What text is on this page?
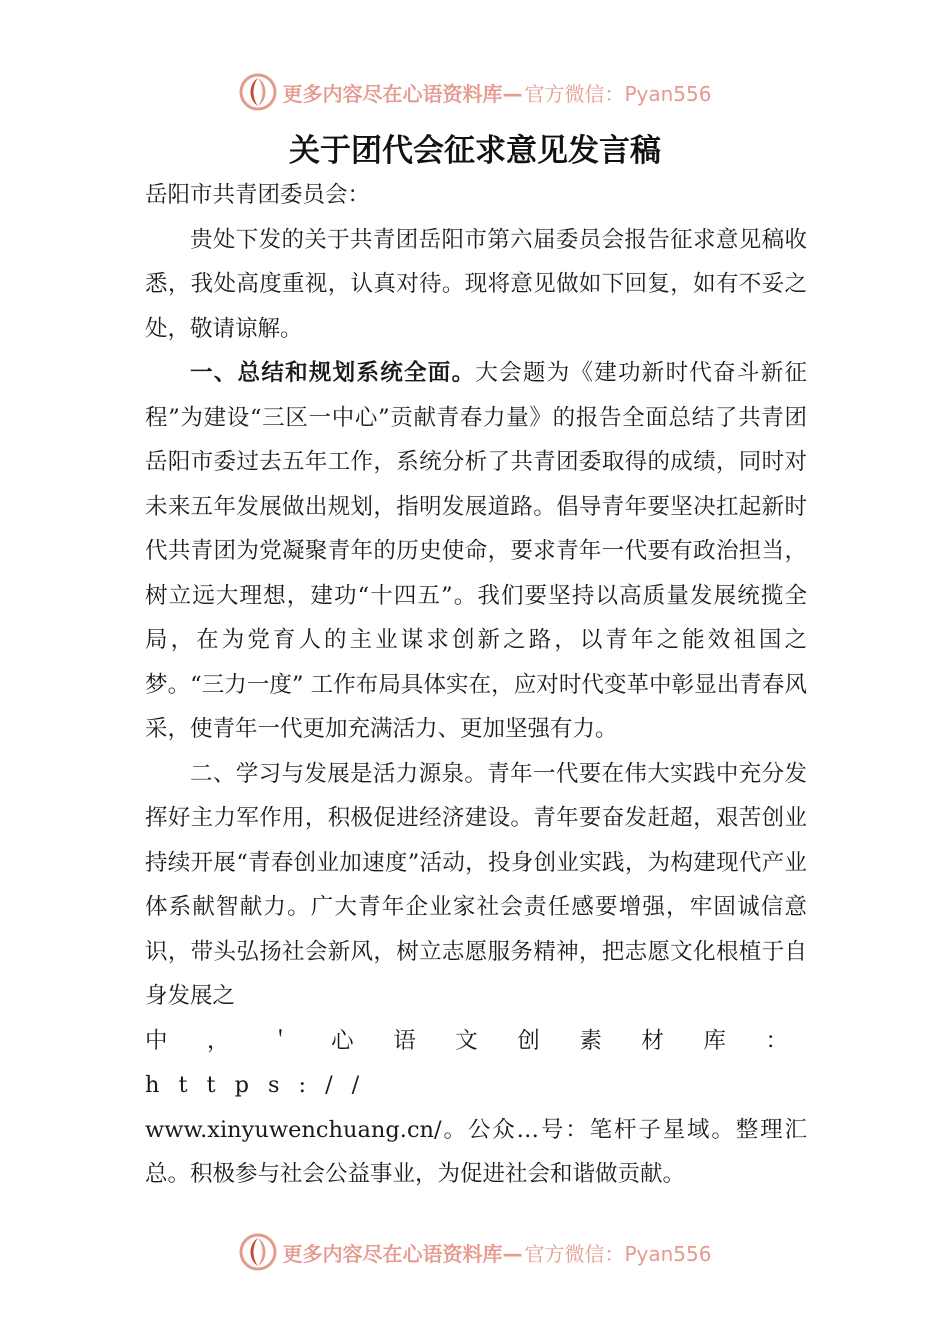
更多内容尽在心语资料库— 官方微信：Pyan556
关于团代会征求意见发言稿

岳阳市共青团委员会：

贵处下发的关于共青团岳阳市第六届委员会报告征求意见稿收悉，我处高度重视，认真对待。现将意见做如下回复，如有不妥之处，敬请谅解。

一、总结和规划系统全面。大会题为《建功新时代奋斗新征程”为建设“三区一中心”贡献青春力量》的报告全面总结了共青团岳阳市委过去五年工作，系统分析了共青团委取得的成绩，同时对未来五年发展做出规划，指明发展道路。倡导青年要坚决扛起新时代共青团为党凝聚青年的历史使命，要求青年一代要有政治担当，树立远大理想，建功“十四五”。我们要坚持以高质量发展统揽全局，在为党育人的主业谋求创新之路，以青年之能效祖国之梦。“三力一度” 工作布局具体实在，应对时代变革中彰显出青春风采，使青年一代更加充满活力、更加坚强有力。

二、学习与发展是活力源泉。青年一代要在伟大实践中充分发挥好主力军作用，积极促进经济建设。青年要奋发赶超，艰苦创业持续开展“青春创业加速度”活动，投身创业实践，为构建现代产业体系献智献力。广大青年企业家社会责任感要增强，牢固诚信意识，带头弘扬社会新风，树立志愿服务精神，把志愿文化根植于自身发展之

中，＇心语文创素材库：https://

www.xinyuwenchuang.cn/。公众…号：笔杆子星域。整理汇总。积极参与社会公益事业，为促进社会和谐做贡献。

更多内容尽在心语资料库— 官方微信：Pyan556
